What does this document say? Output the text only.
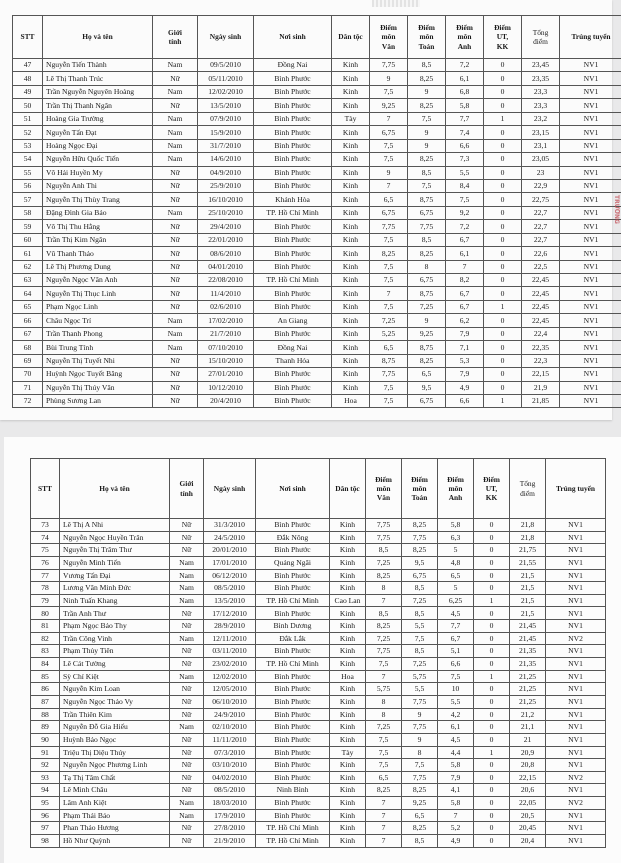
STT	Họ và tên	Giới tính	Ngày sinh	Nơi sinh	Dân tộc	Điểm môn Văn	Điểm môn Toán	Điểm môn Anh	Điểm UT, KK	Tổng điểm	Trúng tuyển
47	Nguyễn Tiến Thành	Nam	09/5/2010	Đồng Nai	Kinh	7,75	8,5	7,2	0	23,45	NV1
48	Lê Thị Thanh Trúc	Nữ	05/11/2010	Bình Phước	Kinh	9	8,25	6,1	0	23,35	NV1
49	Trần Nguyễn Nguyên Hoàng	Nam	12/02/2010	Bình Phước	Kinh	7,5	9	6,8	0	23,3	NV1
50	Trần Thị Thanh Ngân	Nữ	13/5/2010	Bình Phước	Kinh	9,25	8,25	5,8	0	23,3	NV1
51	Hoàng Gia Trường	Nam	07/9/2010	Bình Phước	Tày	7	7,5	7,7	1	23,2	NV1
52	Nguyễn Tấn Đạt	Nam	15/9/2010	Bình Phước	Kinh	6,75	9	7,4	0	23,15	NV1
53	Hoàng Ngọc Đại	Nam	31/7/2010	Bình Phước	Kinh	7,5	9	6,6	0	23,1	NV1
54	Nguyễn Hữu Quốc Tiến	Nam	14/6/2010	Bình Phước	Kinh	7,5	8,25	7,3	0	23,05	NV1
55	Võ Hải Huyền My	Nữ	04/9/2010	Bình Phước	Kinh	9	8,5	5,5	0	23	NV1
56	Nguyễn Anh Thi	Nữ	25/9/2010	Bình Phước	Kinh	7	7,5	8,4	0	22,9	NV1
57	Nguyễn Thị Thùy Trang	Nữ	16/10/2010	Khánh Hòa	Kinh	6,5	8,75	7,5	0	22,75	NV1
58	Đặng Đình Gia Bảo	Nam	25/10/2010	TP. Hồ Chí Minh	Kinh	6,75	6,75	9,2	0	22,7	NV1
59	Võ Thị Thu Hằng	Nữ	29/4/2010	Bình Phước	Kinh	7,75	7,75	7,2	0	22,7	NV1
60	Trần Thị Kim Ngân	Nữ	22/01/2010	Bình Phước	Kinh	7,5	8,5	6,7	0	22,7	NV1
61	Vũ Thanh Thảo	Nữ	08/6/2010	Bình Phước	Kinh	8,25	8,25	6,1	0	22,6	NV1
62	Lê Thị Phương Dung	Nữ	04/01/2010	Bình Phước	Kinh	7,5	8	7	0	22,5	NV1
63	Nguyễn Ngọc Vân Anh	Nữ	22/08/2010	TP. Hồ Chí Minh	Kinh	7,5	6,75	8,2	0	22,45	NV1
64	Nguyễn Thị Thục Linh	Nữ	11/4/2010	Bình Phước	Kinh	7	8,75	6,7	0	22,45	NV1
65	Phạm Ngọc Linh	Nữ	02/6/2010	Bình Phước	Kinh	7,5	7,25	6,7	1	22,45	NV1
66	Châu Ngọc Trí	Nam	17/02/2010	An Giang	Kinh	7,25	9	6,2	0	22,45	NV1
67	Trần Thanh Phong	Nam	21/7/2010	Bình Phước	Kinh	5,25	9,25	7,9	0	22,4	NV1
68	Bùi Trung Tính	Nam	07/10/2010	Đồng Nai	Kinh	6,5	8,75	7,1	0	22,35	NV1
69	Nguyễn Thị Tuyết Nhi	Nữ	15/10/2010	Thanh Hóa	Kinh	8,75	8,25	5,3	0	22,3	NV1
70	Huỳnh Ngọc Tuyết Băng	Nữ	27/01/2010	Bình Phước	Kinh	7,75	6,5	7,9	0	22,15	NV1
71	Nguyễn Thị Thúy Vân	Nữ	10/12/2010	Bình Phước	Kinh	7,5	9,5	4,9	0	21,9	NV1
72	Phùng Sương Lan	Nữ	20/4/2010	Bình Phước	Hoa	7,5	6,75	6,6	1	21,85	NV1
TRƯỜNG
STT	Họ và tên	Giới tính	Ngày sinh	Nơi sinh	Dân tộc	Điểm môn Văn	Điểm môn Toán	Điểm môn Anh	Điểm UT, KK	Tổng điểm	Trúng tuyển
73	Lê Thị A Nhi	Nữ	31/3/2010	Bình Phước	Kinh	7,75	8,25	5,8	0	21,8	NV1
74	Nguyễn Ngọc Huyền Trân	Nữ	24/5/2010	Đắk Nông	Kinh	7,75	7,75	6,3	0	21,8	NV1
75	Nguyễn Thị Trâm Thư	Nữ	20/01/2010	Bình Phước	Kinh	8,5	8,25	5	0	21,75	NV1
76	Nguyễn Minh Tiến	Nam	17/01/2010	Quảng Ngãi	Kinh	7,25	9,5	4,8	0	21,55	NV1
77	Vương Tấn Đại	Nam	06/12/2010	Bình Phước	Kinh	8,25	6,75	6,5	0	21,5	NV1
78	Lương Văn Minh Đức	Nam	08/5/2010	Bình Phước	Kinh	8	8,5	5	0	21,5	NV1
79	Ninh Tuấn Khang	Nam	13/5/2010	TP. Hồ Chí Minh	Cao Lan	7	7,25	6,25	1	21,5	NV1
80	Trần Anh Thư	Nữ	17/12/2010	Bình Phước	Kinh	8,5	8,5	4,5	0	21,5	NV1
81	Phạm Ngọc Bảo Thy	Nữ	28/9/2010	Bình Dương	Kinh	8,25	5,5	7,7	0	21,45	NV1
82	Trần Công Vinh	Nam	12/11/2010	Đắk Lắk	Kinh	7,25	7,5	6,7	0	21,45	NV2
83	Phạm Thủy Tiên	Nữ	03/11/2010	Bình Phước	Kinh	7,75	8,5	5,1	0	21,35	NV1
84	Lê Cát Tường	Nữ	23/02/2010	TP. Hồ Chí Minh	Kinh	7,5	7,25	6,6	0	21,35	NV1
85	Sỳ Chí Kiệt	Nam	12/02/2010	Bình Phước	Hoa	7	5,75	7,5	1	21,25	NV1
86	Nguyễn Kim Loan	Nữ	12/05/2010	Bình Phước	Kinh	5,75	5,5	10	0	21,25	NV1
87	Nguyễn Ngọc Thảo Vy	Nữ	06/10/2010	Bình Phước	Kinh	8	7,75	5,5	0	21,25	NV1
88	Trần Thiên Kim	Nữ	24/9/2010	Bình Phước	Kinh	8	9	4,2	0	21,2	NV1
89	Nguyễn Đỗ Gia Hiếu	Nam	02/10/2010	Bình Phước	Kinh	7,25	7,75	6,1	0	21,1	NV1
90	Huỳnh Bảo Ngọc	Nữ	11/11/2010	Bình Phước	Kinh	7,5	9	4,5	0	21	NV1
91	Triệu Thị Diệu Thúy	Nữ	07/3/2010	Bình Phước	Tày	7,5	8	4,4	1	20,9	NV1
92	Nguyễn Ngọc Phương Linh	Nữ	03/10/2010	Bình Phước	Kinh	7,5	7,5	5,8	0	20,8	NV1
93	Tạ Thị Tâm Chất	Nữ	04/02/2010	Bình Phước	Kinh	6,5	7,75	7,9	0	22,15	NV2
94	Lê Minh Châu	Nữ	08/5/2010	Ninh Bình	Kinh	8,25	8,25	4,1	0	20,6	NV1
95	Lâm Anh Kiệt	Nam	18/03/2010	Bình Phước	Kinh	7	9,25	5,8	0	22,05	NV2
96	Phạm Thái Bảo	Nam	17/9/2010	Bình Phước	Kinh	7	6,5	7	0	20,5	NV1
97	Phan Thảo Hương	Nữ	27/8/2010	TP. Hồ Chí Minh	Kinh	7	8,25	5,2	0	20,45	NV1
98	Hồ Như Quỳnh	Nữ	21/9/2010	TP. Hồ Chí Minh	Kinh	7	8,5	4,9	0	20,4	NV1
